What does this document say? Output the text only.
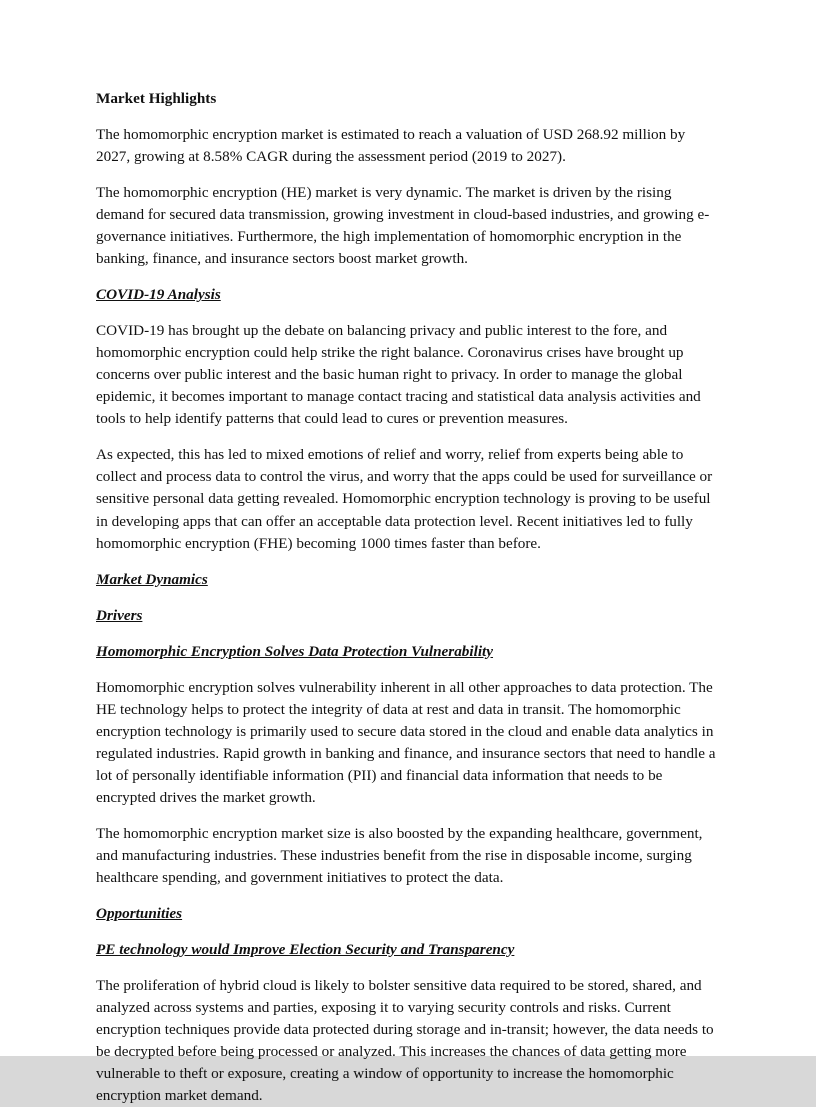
Market Highlights

The homomorphic encryption market is estimated to reach a valuation of USD 268.92 million by 2027, growing at 8.58% CAGR during the assessment period (2019 to 2027).

The homomorphic encryption (HE) market is very dynamic. The market is driven by the rising demand for secured data transmission, growing investment in cloud-based industries, and growing e-governance initiatives. Furthermore, the high implementation of homomorphic encryption in the banking, finance, and insurance sectors boost market growth.

COVID-19 Analysis

COVID-19 has brought up the debate on balancing privacy and public interest to the fore, and homomorphic encryption could help strike the right balance. Coronavirus crises have brought up concerns over public interest and the basic human right to privacy. In order to manage the global epidemic, it becomes important to manage contact tracing and statistical data analysis activities and tools to help identify patterns that could lead to cures or prevention measures.

As expected, this has led to mixed emotions of relief and worry, relief from experts being able to collect and process data to control the virus, and worry that the apps could be used for surveillance or sensitive personal data getting revealed. Homomorphic encryption technology is proving to be useful in developing apps that can offer an acceptable data protection level. Recent initiatives led to fully homomorphic encryption (FHE) becoming 1000 times faster than before.

Market Dynamics
Drivers
Homomorphic Encryption Solves Data Protection Vulnerability

Homomorphic encryption solves vulnerability inherent in all other approaches to data protection. The HE technology helps to protect the integrity of data at rest and data in transit. The homomorphic encryption technology is primarily used to secure data stored in the cloud and enable data analytics in regulated industries. Rapid growth in banking and finance, and insurance sectors that need to handle a lot of personally identifiable information (PII) and financial data information that needs to be encrypted drives the market growth.

The homomorphic encryption market size is also boosted by the expanding healthcare, government, and manufacturing industries. These industries benefit from the rise in disposable income, surging healthcare spending, and government initiatives to protect the data.

Opportunities
PE technology would Improve Election Security and Transparency

The proliferation of hybrid cloud is likely to bolster sensitive data required to be stored, shared, and analyzed across systems and parties, exposing it to varying security controls and risks. Current encryption techniques provide data protected during storage and in-transit; however, the data needs to be decrypted before being processed or analyzed. This increases the chances of data getting more vulnerable to theft or exposure, creating a window of opportunity to increase the homomorphic encryption market demand.
